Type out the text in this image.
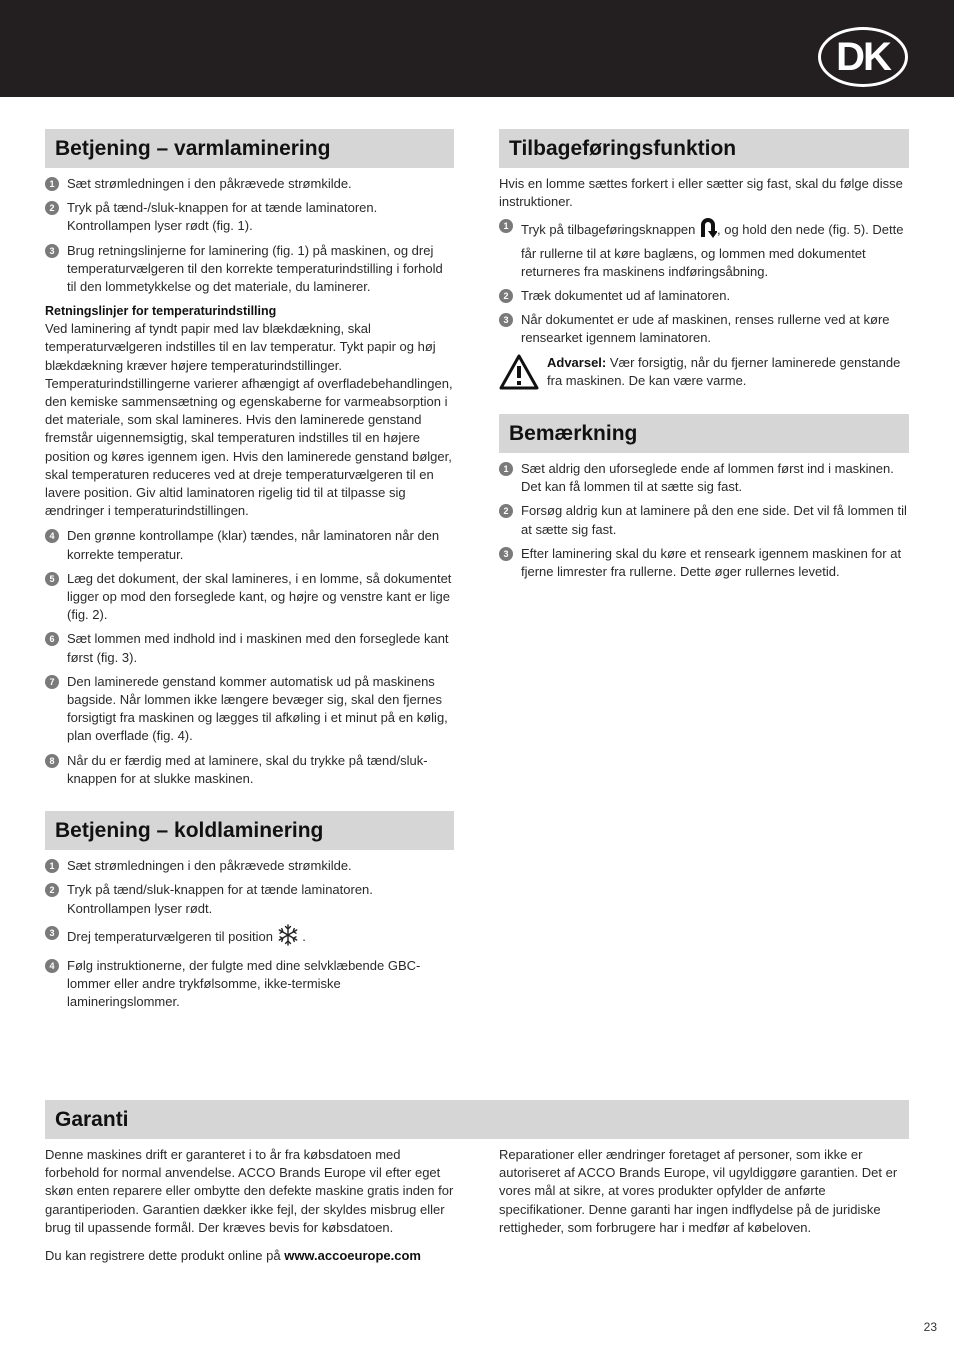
DK
Betjening – varmlaminering
1 Sæt strømledningen i den påkrævede strømkilde.
2 Tryk på tænd-/sluk-knappen for at tænde laminatoren. Kontrollampen lyser rødt (fig. 1).
3 Brug retningslinjerne for laminering (fig. 1) på maskinen, og drej temperaturvælgeren til den korrekte temperaturindstilling i forhold til den lommetykkelse og det materiale, du laminerer.
Retningslinjer for temperaturindstilling
Ved laminering af tyndt papir med lav blækdækning, skal temperaturvælgeren indstilles til en lav temperatur. Tykt papir og høj blækdækning kræver højere temperaturindstillinger. Temperaturindstillingerne varierer afhængigt af overfladebehandlingen, den kemiske sammensætning og egenskaberne for varmeabsorption i det materiale, som skal lamineres. Hvis den laminerede genstand fremstår uigennemsigtig, skal temperaturen indstilles til en højere position og køres igennem igen. Hvis den laminerede genstand bølger, skal temperaturen reduceres ved at dreje temperaturvælgeren til en lavere position. Giv altid laminatoren rigelig tid til at tilpasse sig ændringer i temperaturindstillingen.
4 Den grønne kontrollampe (klar) tændes, når laminatoren når den korrekte temperatur.
5 Læg det dokument, der skal lamineres, i en lomme, så dokumentet ligger op mod den forseglede kant, og højre og venstre kant er lige (fig. 2).
6 Sæt lommen med indhold ind i maskinen med den forseglede kant først (fig. 3).
7 Den laminerede genstand kommer automatisk ud på maskinens bagside. Når lommen ikke længere bevæger sig, skal den fjernes forsigtigt fra maskinen og lægges til afkøling i et minut på en kølig, plan overflade (fig. 4).
8 Når du er færdig med at laminere, skal du trykke på tænd/sluk-knappen for at slukke maskinen.
Betjening – koldlaminering
1 Sæt strømledningen i den påkrævede strømkilde.
2 Tryk på tænd/sluk-knappen for at tænde laminatoren. Kontrollampen lyser rødt.
3 Drej temperaturvælgeren til position .
4 Følg instruktionerne, der fulgte med dine selvklæbende GBC-lommer eller andre trykfølsomme, ikke-termiske lamineringslommer.
Tilbageføringsfunktion
Hvis en lomme sættes forkert i eller sætter sig fast, skal du følge disse instruktioner.
1 Tryk på tilbageføringsknappen , og hold den nede (fig. 5). Dette får rullerne til at køre baglæns, og lommen med dokumentet returneres fra maskinens indføringsåbning.
2 Træk dokumentet ud af laminatoren.
3 Når dokumentet er ude af maskinen, renses rullerne ved at køre rensearket igennem laminatoren.
Advarsel: Vær forsigtig, når du fjerner laminerede genstande fra maskinen. De kan være varme.
Bemærkning
1 Sæt aldrig den uforseglede ende af lommen først ind i maskinen. Det kan få lommen til at sætte sig fast.
2 Forsøg aldrig kun at laminere på den ene side. Det vil få lommen til at sætte sig fast.
3 Efter laminering skal du køre et renseark igennem maskinen for at fjerne limrester fra rullerne. Dette øger rullernes levetid.
Garanti
Denne maskines drift er garanteret i to år fra købsdatoen med forbehold for normal anvendelse. ACCO Brands Europe vil efter eget skøn enten reparere eller ombytte den defekte maskine gratis inden for garantiperioden. Garantien dækker ikke fejl, der skyldes misbrug eller brug til upassende formål. Der kræves bevis for købsdatoen.
Du kan registrere dette produkt online på www.accoeurope.com
Reparationer eller ændringer foretaget af personer, som ikke er autoriseret af ACCO Brands Europe, vil ugyldiggøre garantien. Det er vores mål at sikre, at vores produkter opfylder de anførte specifikationer. Denne garanti har ingen indflydelse på de juridiske rettigheder, som forbrugere har i medfør af købeloven.
23
